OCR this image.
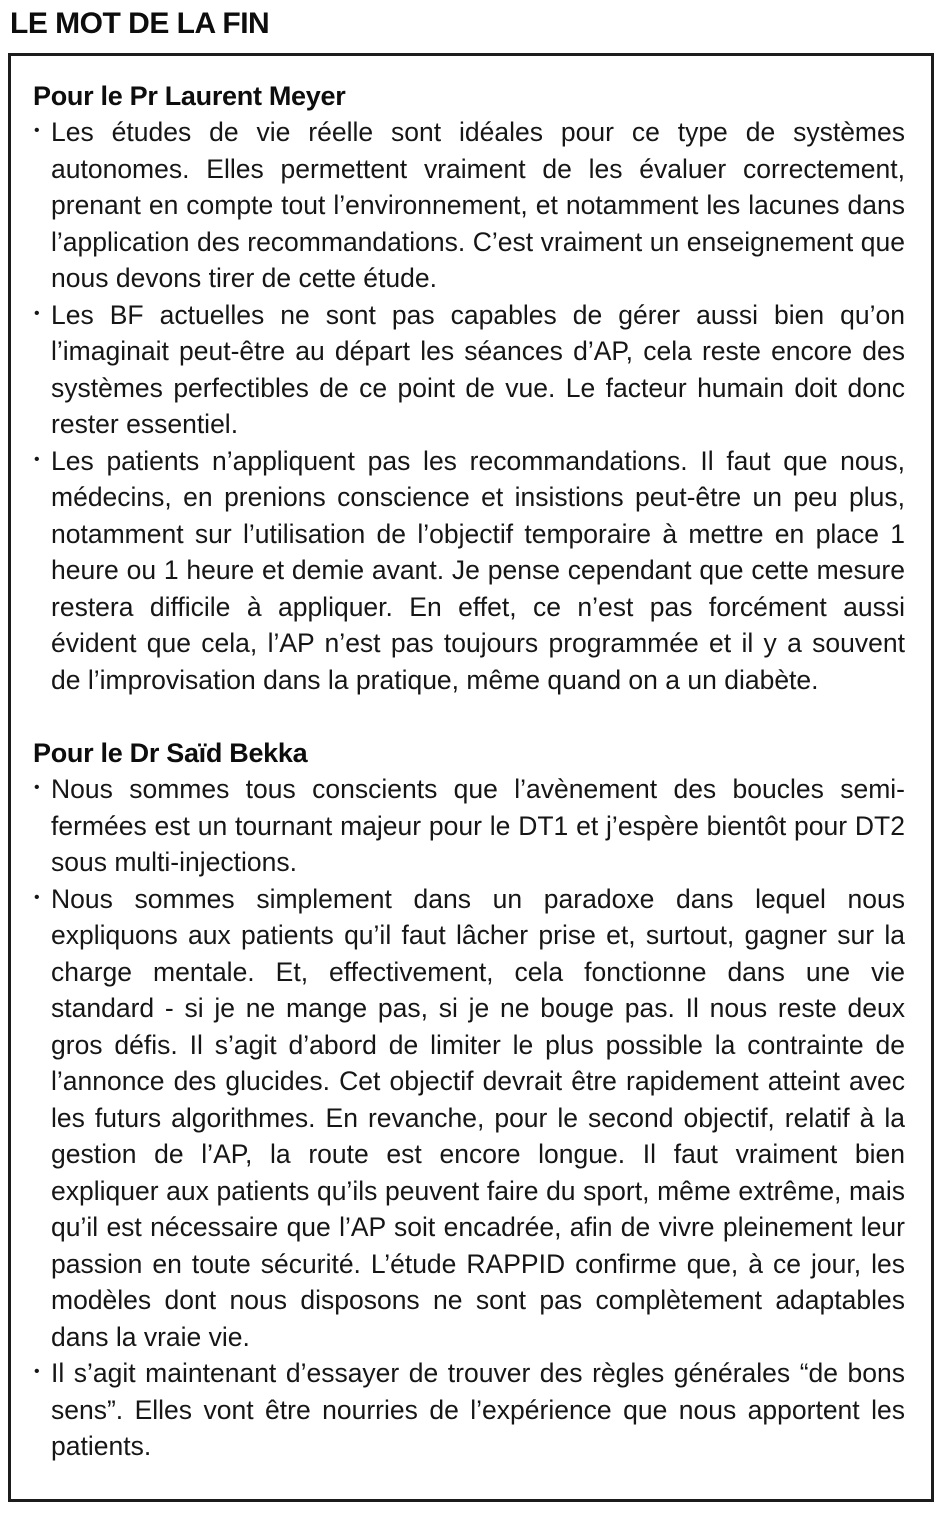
LE MOT DE LA FIN
Pour le Pr Laurent Meyer
• Les études de vie réelle sont idéales pour ce type de systèmes autonomes. Elles permettent vraiment de les évaluer correctement, prenant en compte tout l’environnement, et notamment les lacunes dans l’application des recommandations. C’est vraiment un enseignement que nous devons tirer de cette étude.
• Les BF actuelles ne sont pas capables de gérer aussi bien qu’on l’imaginait peut-être au départ les séances d’AP, cela reste encore des systèmes perfectibles de ce point de vue. Le facteur humain doit donc rester essentiel.
• Les patients n’appliquent pas les recommandations. Il faut que nous, médecins, en prenions conscience et insistions peut-être un peu plus, notamment sur l’utilisation de l’objectif temporaire à mettre en place 1 heure ou 1 heure et demie avant. Je pense cependant que cette mesure restera difficile à appliquer. En effet, ce n’est pas forcément aussi évident que cela, l’AP n’est pas toujours programmée et il y a souvent de l’improvisation dans la pratique, même quand on a un diabète.
Pour le Dr Saïd Bekka
• Nous sommes tous conscients que l’avènement des boucles semi-fermées est un tournant majeur pour le DT1 et j’espère bientôt pour DT2 sous multi-injections.
• Nous sommes simplement dans un paradoxe dans lequel nous expliquons aux patients qu’il faut lâcher prise et, surtout, gagner sur la charge mentale. Et, effectivement, cela fonctionne dans une vie standard - si je ne mange pas, si je ne bouge pas. Il nous reste deux gros défis. Il s’agit d’abord de limiter le plus possible la contrainte de l’annonce des glucides. Cet objectif devrait être rapidement atteint avec les futurs algorithmes. En revanche, pour le second objectif, relatif à la gestion de l’AP, la route est encore longue. Il faut vraiment bien expliquer aux patients qu’ils peuvent faire du sport, même extrême, mais qu’il est nécessaire que l’AP soit encadrée, afin de vivre pleinement leur passion en toute sécurité. L’étude RAPPID confirme que, à ce jour, les modèles dont nous disposons ne sont pas complètement adaptables dans la vraie vie.
• Il s’agit maintenant d’essayer de trouver des règles générales “de bons sens”. Elles vont être nourries de l’expérience que nous apportent les patients.
